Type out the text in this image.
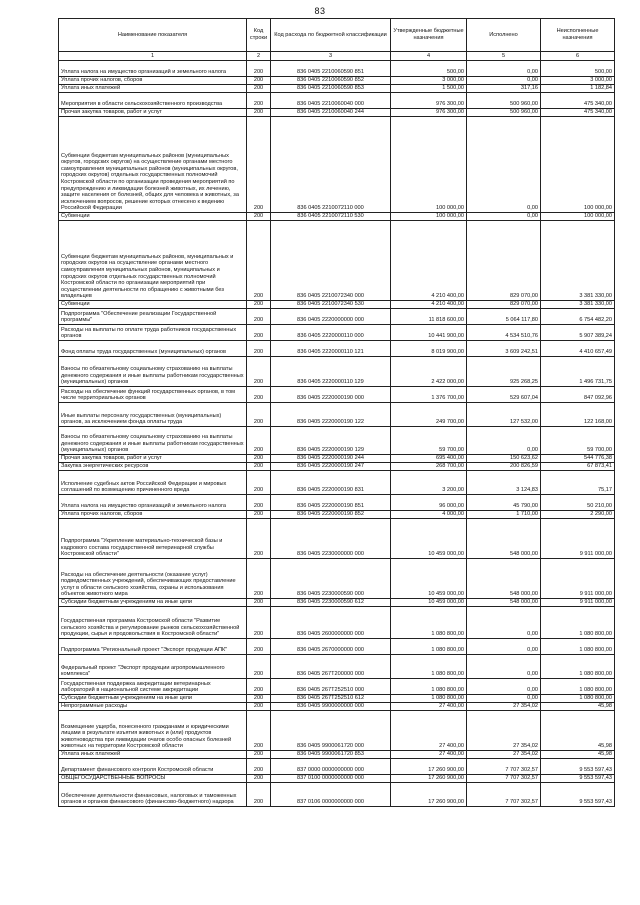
83
Наименование показателя	Код строки	Код расхода по бюджетной классификации	Утвержденные бюджетные назначения	Исполнено	Неисполненные назначения
1	2	3	4	5	6
Уплата налога на имущество организаций и земельного налога	200	836 0405 2210060590 851	500,00	0,00	500,00
Уплата прочих налогов, сборов	200	836 0405 2210060590 852	3 000,00	0,00	3 000,00
Уплата иных платежей	200	836 0405 2210060590 853	1 500,00	317,16	1 182,84
Мероприятия в области сельскохозяйственного производства	200	836 0405 2210060040 000	976 300,00	500 960,00	475 340,00
Прочая закупка товаров, работ и услуг	200	836 0405 2210060040 244	976 300,00	500 960,00	475 340,00
Субвенции бюджетам муниципальных районов (муниципальных округов, городских округов) на осуществление органами местного самоуправления муниципальных районов (муниципальных округов, городских округов) отдельных государственных полномочий Костромской области по организации проведения мероприятий по предупреждению и ликвидации болезней животных, их лечению, защите населения от болезней, общих для человека и животных, за исключением вопросов, решение которых отнесено к ведению Российской Федерации	200	836 0405 2210072110 000	100 000,00	0,00	100 000,00
Субвенции	200	836 0405 2210072110 530	100 000,00	0,00	100 000,00
Субвенции бюджетам муниципальных районов, муниципальных и городских округов на осуществление органами местного самоуправления муниципальных районов, муниципальных и городских округов отдельных государственных полномочий Костромской области по организации мероприятий при осуществлении деятельности по обращению с животными без владельцев	200	836 0405 2210072340 000	4 210 400,00	829 070,00	3 381 330,00
Субвенции	200	836 0405 2210072340 530	4 210 400,00	829 070,00	3 381 330,00
Подпрограмма "Обеспечение реализации Государственной программы"	200	836 0405 2220000000 000	11 818 600,00	5 064 117,80	6 754 482,20
Расходы на выплаты по оплате труда работников государственных органов	200	836 0405 2220000110 000	10 441 900,00	4 534 510,76	5 907 389,24
Фонд оплаты труда государственных (муниципальных) органов	200	836 0405 2220000110 121	8 019 900,00	3 609 242,51	4 410 657,49
Взносы по обязательному социальному страхованию на выплаты денежного содержания и иные выплаты работникам государственных (муниципальных) органов	200	836 0405 2220000110 129	2 422 000,00	925 268,25	1 496 731,75
Расходы на обеспечение функций государственных органов, в том числе территориальных органов	200	836 0405 2220000190 000	1 376 700,00	529 607,04	847 092,96
Иные выплаты персоналу государственных (муниципальных) органов, за исключением фонда оплаты труда	200	836 0405 2220000190 122	249 700,00	127 532,00	122 168,00
Взносы по обязательному социальному страхованию на выплаты денежного содержания и иные выплаты работникам государственных (муниципальных) органов	200	836 0405 2220000190 129	59 700,00	0,00	59 700,00
Прочая закупка товаров, работ и услуг	200	836 0405 2220000190 244	695 400,00	150 623,62	544 776,38
Закупка энергетических ресурсов	200	836 0405 2220000190 247	268 700,00	200 826,59	67 873,41
Исполнение судебных актов Российской Федерации и мировых соглашений по возмещению причиненного вреда	200	836 0405 2220000190 831	3 200,00	3 124,83	75,17
Уплата налога на имущество организаций и земельного налога	200	836 0405 2220000190 851	96 000,00	45 790,00	50 210,00
Уплата прочих налогов, сборов	200	836 0405 2220000190 852	4 000,00	1 710,00	2 290,00
Подпрограмма "Укрепление материально-технической базы и кадрового состава государственной ветеринарной службы Костромской области"	200	836 0405 2230000000 000	10 459 000,00	548 000,00	9 911 000,00
Расходы на обеспечение деятельности (оказание услуг) подведомственных учреждений, обеспечивающих предоставление услуг в области сельского хозяйства, охраны и использования объектов животного мира	200	836 0405 2230000590 000	10 459 000,00	548 000,00	9 911 000,00
Субсидии бюджетным учреждениям на иные цели	200	836 0405 2230000590 612	10 459 000,00	548 000,00	9 911 000,00
Государственная программа Костромской области "Развитие сельского хозяйства и регулирование рынков сельскохозяйственной продукции, сырья и продовольствия в Костромской области"	200	836 0405 2600000000 000	1 080 800,00	0,00	1 080 800,00
Подпрограмма "Региональный проект "Экспорт продукции АПК"	200	836 0405 2670000000 000	1 080 800,00	0,00	1 080 800,00
Федеральный проект "Экспорт продукции агропромышленного комплекса"	200	836 0405 267T200000 000	1 080 800,00	0,00	1 080 800,00
Государственная поддержка аккредитации ветеринарных лабораторий в национальной системе аккредитации	200	836 0405 267T252510 000	1 080 800,00	0,00	1 080 800,00
Субсидии бюджетным учреждениям на иные цели	200	836 0405 267T252510 612	1 080 800,00	0,00	1 080 800,00
Непрограммные расходы	200	836 0405 9900000000 000	27 400,00	27 354,02	45,98
Возмещение ущерба, понесенного гражданами и юридическими лицами в результате изъятия животных и (или) продуктов животноводства при ликвидации очагов особо опасных болезней животных на территории Костромской области	200	836 0405 9900061720 000	27 400,00	27 354,02	45,98
Уплата иных платежей	200	836 0405 9900061720 853	27 400,00	27 354,02	45,98
Департамент финансового контроля Костромской области	200	837 0000 0000000000 000	17 260 900,00	7 707 302,57	9 553 597,43
ОБЩЕГОСУДАРСТВЕННЫЕ ВОПРОСЫ	200	837 0100 0000000000 000	17 260 900,00	7 707 302,57	9 553 597,43
Обеспечение деятельности финансовых, налоговых и таможенных органов и органов финансового (финансово-бюджетного) надзора	200	837 0106 0000000000 000	17 260 900,00	7 707 302,57	9 553 597,43
